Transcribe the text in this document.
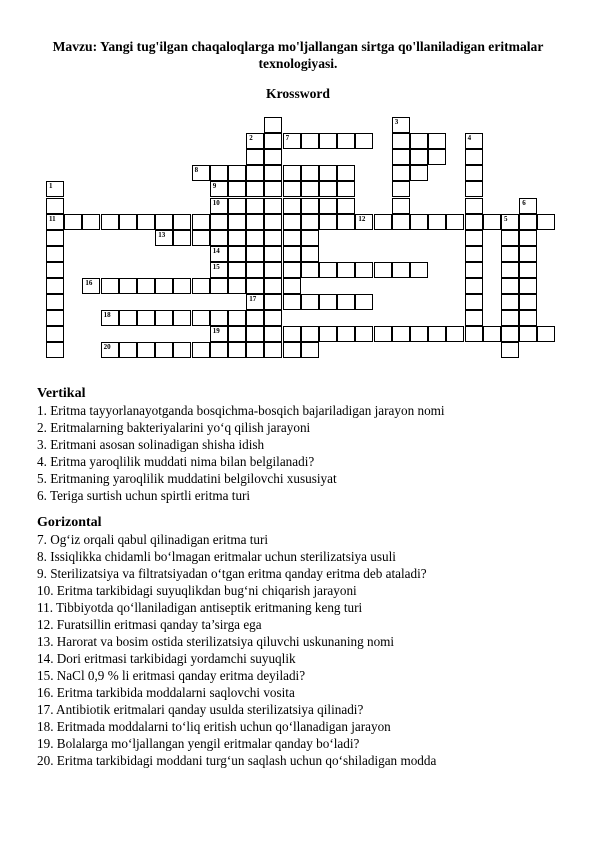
Mavzu: Yangi tug'ilgan chaqaloqlarga mo'ljallangan sirtga qo'llaniladigan eritmalar texnologiyasi.
Krossword
1
2
3
4
5
6
7
8
9
10
11	12
13
14
15
16
17
18
19
20
Vertikal
1. Eritma tayyorlanayotganda bosqichma-bosqich bajariladigan jarayon nomi
2. Eritmalarning bakteriyalarini yo‘q qilish jarayoni
3. Eritmani asosan solinadigan shisha idish
4. Eritma yaroqlilik muddati nima bilan belgilanadi?
5. Eritmaning yaroqlilik muddatini belgilovchi xususiyat
6. Teriga surtish uchun spirtli eritma turi
Gorizontal
7. Og‘iz orqali qabul qilinadigan eritma turi
8. Issiqlikka chidamli bo‘lmagan eritmalar uchun sterilizatsiya usuli
9. Sterilizatsiya va filtratsiyadan o‘tgan eritma qanday eritma deb ataladi?
10. Eritma tarkibidagi suyuqlikdan bug‘ni chiqarish jarayoni
11. Tibbiyotda qo‘llaniladigan antiseptik eritmaning keng turi
12. Furatsillin eritmasi qanday ta’sirga ega
13. Harorat va bosim ostida sterilizatsiya qiluvchi uskunaning nomi
14. Dori eritmasi tarkibidagi yordamchi suyuqlik
15. NaCl 0,9 % li eritmasi qanday eritma deyiladi?
16. Eritma tarkibida moddalarni saqlovchi vosita
17. Antibiotik eritmalari qanday usulda sterilizatsiya qilinadi?
18. Eritmada moddalarni to‘liq eritish uchun qo‘llanadigan jarayon
19. Bolalarga mo‘ljallangan yengil eritmalar qanday bo‘ladi?
20. Eritma tarkibidagi moddani turg‘un saqlash uchun qo‘shiladigan modda
